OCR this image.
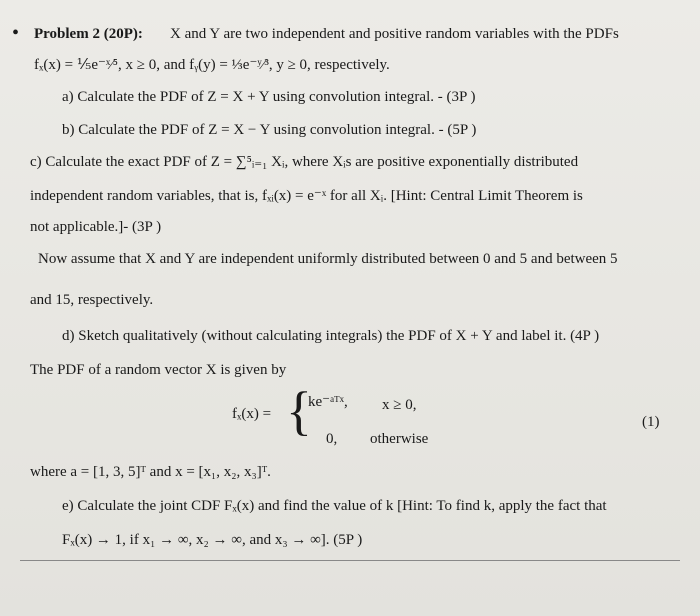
• Problem 2 (20P): X and Y are two independent and positive random variables with the PDFs
fₓ(x) = ⅕e⁻ˣ⁄⁵, x ≥ 0, and fᵧ(y) = ⅓e⁻ʸ⁄³, y ≥ 0, respectively.
a) Calculate the PDF of Z = X + Y using convolution integral. - (3P )
b) Calculate the PDF of Z = X − Y using convolution integral. - (5P )
c) Calculate the exact PDF of Z = ∑⁵ᵢ₌₁ Xᵢ, where Xᵢs are positive exponentially distributed
independent random variables, that is, fₓᵢ(x) = e⁻ˣ for all Xᵢ. [Hint: Central Limit Theorem is
not applicable.]- (3P )
Now assume that X and Y are independent uniformly distributed between 0 and 5 and between 5
and 15, respectively.
d) Sketch qualitatively (without calculating integrals) the PDF of X + Y and label it. (4P )
The PDF of a random vector X is given by
fₓ(x) = {
ke⁻ᵃᵀˣ, x ≥ 0,
0, otherwise
(1)
where a = [1, 3, 5]ᵀ and x = [x₁, x₂, x₃]ᵀ.
e) Calculate the joint CDF Fₓ(x) and find the value of k [Hint: To find k, apply the fact that
Fₓ(x) → 1, if x₁ → ∞, x₂ → ∞, and x₃ → ∞]. (5P )
